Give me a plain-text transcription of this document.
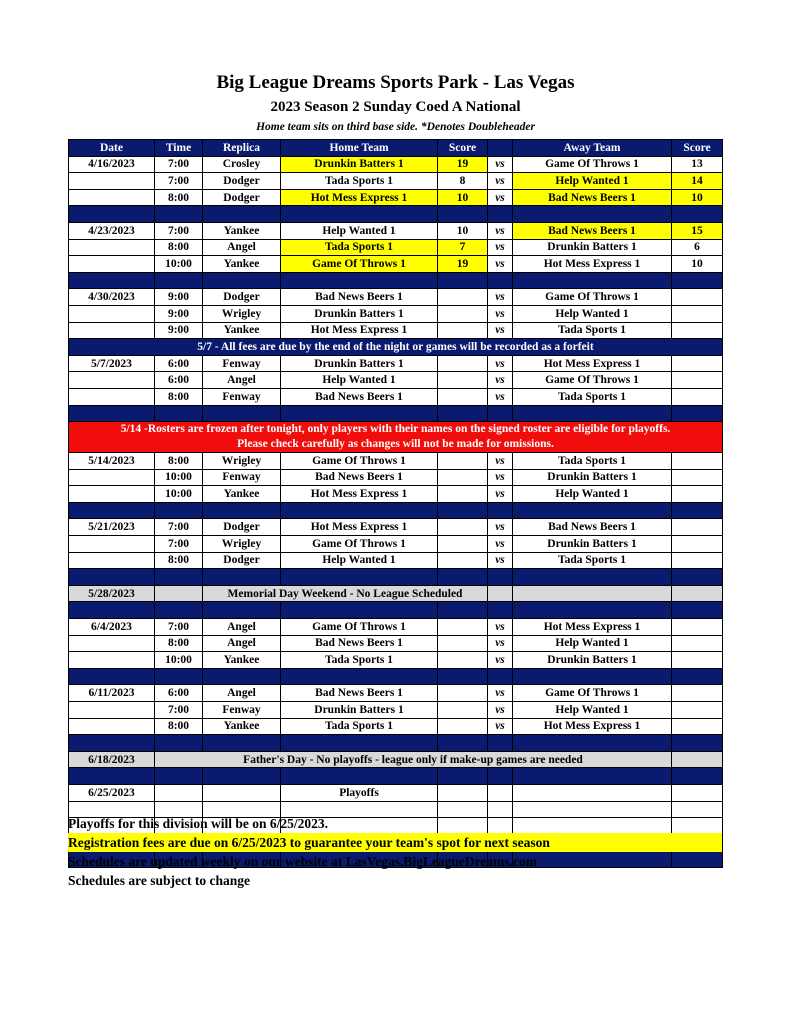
Big League Dreams Sports Park - Las Vegas
2023 Season 2 Sunday Coed A National
Home team sits on third base side. *Denotes Doubleheader
Date	Time	Replica	Home Team	Score		Away Team	Score
4/16/2023	7:00	Crosley	Drunkin Batters 1	19	vs	Game Of Throws 1	13
	7:00	Dodger	Tada Sports 1	8	vs	Help Wanted 1	14
	8:00	Dodger	Hot Mess Express 1	10	vs	Bad News Beers 1	10

4/23/2023	7:00	Yankee	Help Wanted 1	10	vs	Bad News Beers 1	15
	8:00	Angel	Tada Sports 1	7	vs	Drunkin Batters 1	6
	10:00	Yankee	Game Of Throws 1	19	vs	Hot Mess Express 1	10

4/30/2023	9:00	Dodger	Bad News Beers 1		vs	Game Of Throws 1	
	9:00	Wrigley	Drunkin Batters 1		vs	Help Wanted 1	
	9:00	Yankee	Hot Mess Express 1		vs	Tada Sports 1	
5/7 - All fees are due by the end of the night or games will be recorded as a forfeit							
5/7/2023	6:00	Fenway	Drunkin Batters 1		vs	Hot Mess Express 1	
	6:00	Angel	Help Wanted 1		vs	Game Of Throws 1	
	8:00	Fenway	Bad News Beers 1		vs	Tada Sports 1	

5/14 -Rosters are frozen after tonight, only players with their names on the signed roster are eligible for playoffs.
Please check carefully as changes will not be made for omissions.							

5/14/2023	8:00	Wrigley	Game Of Throws 1		vs	Tada Sports 1	
	10:00	Fenway	Bad News Beers 1		vs	Drunkin Batters 1	
	10:00	Yankee	Hot Mess Express 1		vs	Help Wanted 1	

5/21/2023	7:00	Dodger	Hot Mess Express 1		vs	Bad News Beers 1	
	7:00	Wrigley	Game Of Throws 1		vs	Drunkin Batters 1	
	8:00	Dodger	Help Wanted 1		vs	Tada Sports 1	

5/28/2023		Memorial Day Weekend - No League Scheduled					

6/4/2023	7:00	Angel	Game Of Throws 1		vs	Hot Mess Express 1	
	8:00	Angel	Bad News Beers 1		vs	Help Wanted 1	
	10:00	Yankee	Tada Sports 1		vs	Drunkin Batters 1	

6/11/2023	6:00	Angel	Bad News Beers 1		vs	Game Of Throws 1	
	7:00	Fenway	Drunkin Batters 1		vs	Help Wanted 1	
	8:00	Yankee	Tada Sports 1		vs	Hot Mess Express 1	

6/18/2023	Father's Day - No playoffs - league only if make-up games are needed						

6/25/2023			Playoffs				

Playoffs for this division will be on 6/25/2023.
Registration fees are due on 6/25/2023 to guarantee your team's spot for next season
Schedules are updated weekly on our website at LasVegas.BigLeagueDreams.com
Schedules are subject to change
